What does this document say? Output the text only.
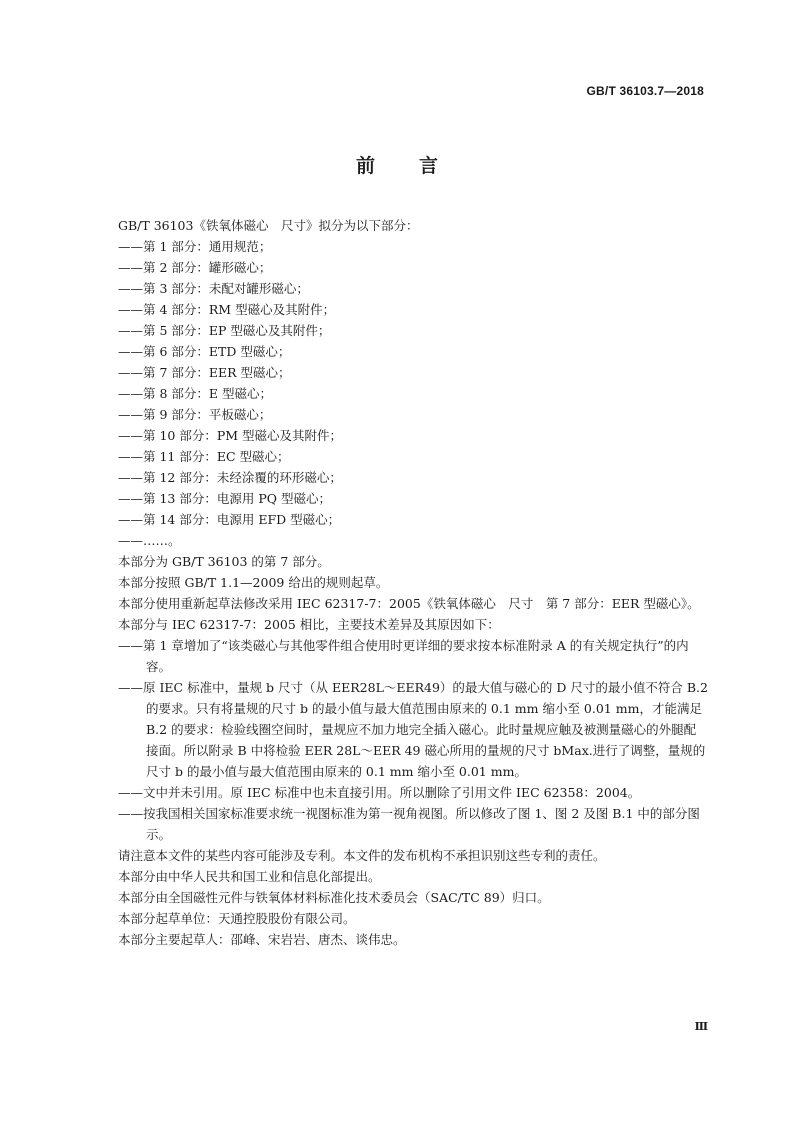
GB/T 36103.7—2018
前言

GB/T 36103《铁氧体磁心　尺寸》拟分为以下部分：

——第 1 部分：通用规范；

——第 2 部分：罐形磁心；

——第 3 部分：未配对罐形磁心；

——第 4 部分：RM 型磁心及其附件；

——第 5 部分：EP 型磁心及其附件；

——第 6 部分：ETD 型磁心；

——第 7 部分：EER 型磁心；

——第 8 部分：E 型磁心；

——第 9 部分：平板磁心；

——第 10 部分：PM 型磁心及其附件；

——第 11 部分：EC 型磁心；

——第 12 部分：未经涂覆的环形磁心；

——第 13 部分：电源用 PQ 型磁心；

——第 14 部分：电源用 EFD 型磁心；

——……。

本部分为 GB/T 36103 的第 7 部分。

本部分按照 GB/T 1.1—2009 给出的规则起草。

本部分使用重新起草法修改采用 IEC 62317-7：2005《铁氧体磁心　尺寸　第 7 部分：EER 型磁心》。

本部分与 IEC 62317-7：2005 相比，主要技术差异及其原因如下：

——第 1 章增加了“该类磁心与其他零件组合使用时更详细的要求按本标准附录 A 的有关规定执行”的内容。

——原 IEC 标准中，量规 b 尺寸（从 EER28L～EER49）的最大值与磁心的 D 尺寸的最小值不符合 B.2 的要求。只有将量规的尺寸 b 的最小值与最大值范围由原来的 0.1 mm 缩小至 0.01 mm，才能满足 B.2 的要求：检验线圈空间时，量规应不加力地完全插入磁心。此时量规应触及被测量磁心的外腿配接面。所以附录 B 中将检验 EER 28L～EER 49 磁心所用的量规的尺寸 bMax.进行了调整，量规的尺寸 b 的最小值与最大值范围由原来的 0.1 mm 缩小至 0.01 mm。

——文中并未引用。原 IEC 标准中也未直接引用。所以删除了引用文件 IEC 62358：2004。

——按我国相关国家标准要求统一视图标准为第一视角视图。所以修改了图 1、图 2 及图 B.1 中的部分图示。

请注意本文件的某些内容可能涉及专利。本文件的发布机构不承担识别这些专利的责任。

本部分由中华人民共和国工业和信息化部提出。

本部分由全国磁性元件与铁氧体材料标准化技术委员会（SAC/TC 89）归口。

本部分起草单位：天通控股股份有限公司。

本部分主要起草人：邵峰、宋岩岩、唐杰、谈伟忠。

Ⅲ
